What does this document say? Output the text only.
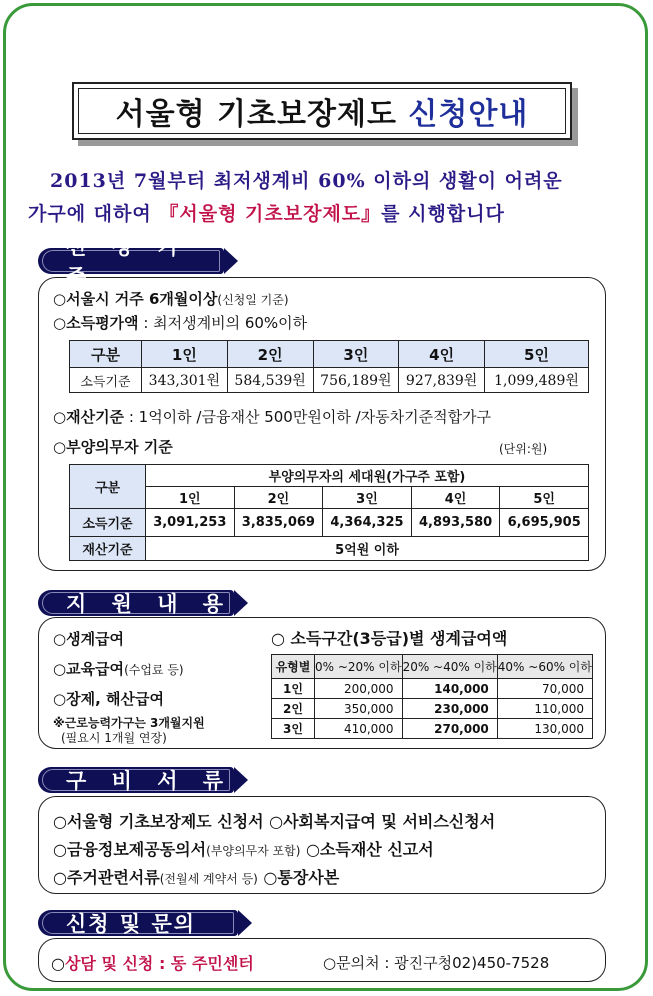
서울형 기초보장제도 신청안내
2013년 7월부터 최저생계비 60% 이하의 생활이 어려운
가구에 대하여 『서울형 기초보장제도』를 시행합니다
선 정 기 준
○서울시 거주 6개월이상(신청일 기준)
○소득평가액 : 최저생계비의 60%이하
구분	1인	2인	3인	4인	5인
소득기준	343,301원	584,539원	756,189원	927,839원	1,099,489원
○재산기준 : 1억이하 /금융재산 500만원이하 /자동차기준적합가구
○부양의무자 기준	(단위:원)
구분	부양의무자의 세대원(가구주 포함)				
	1인	2인	3인	4인	5인
소득기준	3,091,253	3,835,069	4,364,325	4,893,580	6,695,905
재산기준	5억원 이하				
지 원 내 용
○생계급여
○교육급여(수업료 등)
○장제, 해산급여
※근로능력가구는 3개월지원
(필요시 1개월 연장)
○ 소득구간(3등급)별 생계급여액
유형별	0% ~20% 이하	20% ~40% 이하	40% ~60% 이하
1인	200,000	140,000	70,000
2인	350,000	230,000	110,000
3인	410,000	270,000	130,000
구 비 서 류
○서울형 기초보장제도 신청서 ○사회복지급여 및 서비스신청서
○금융정보제공동의서(부양의무자 포함) ○소득재산 신고서
○주거관련서류(전월세 계약서 등) ○통장사본
신청 및 문의
○상담 및 신청 : 동 주민센터	○문의처 : 광진구청02)450-7528
